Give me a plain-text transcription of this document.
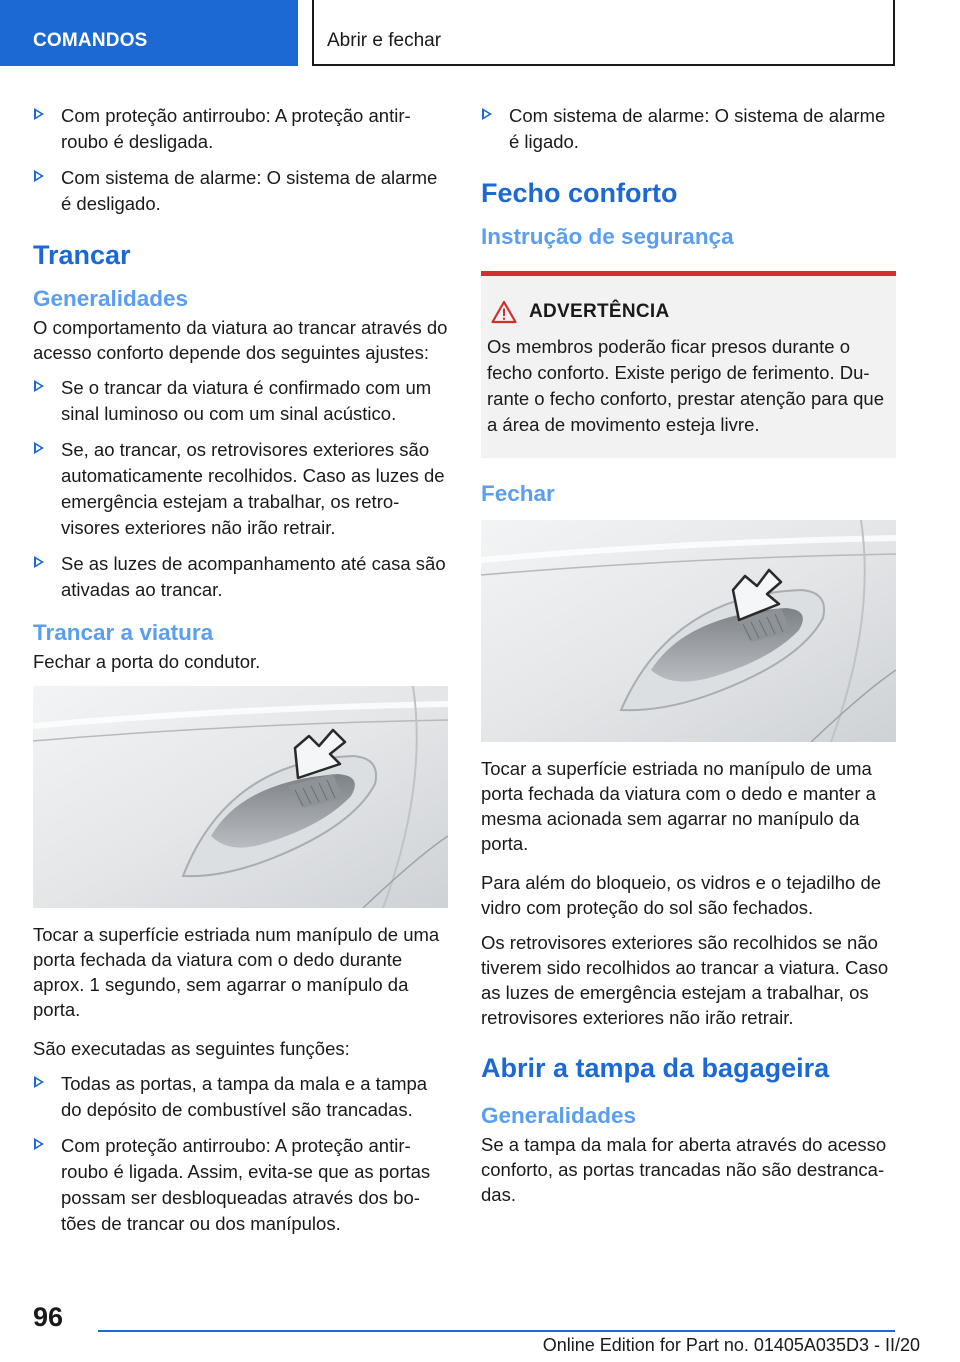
COMANDOS	Abrir e fechar
Com proteção antirroubo: A proteção antirroubo é desligada.
Com sistema de alarme: O sistema de alarme é desligado.
Trancar
Generalidades

O comportamento da viatura ao trancar através do acesso conforto depende dos seguintes ajustes:

Se o trancar da viatura é confirmado com um sinal luminoso ou com um sinal acústico.
Se, ao trancar, os retrovisores exteriores são automaticamente recolhidos. Caso as luzes de emergência estejam a trabalhar, os retrovisores exteriores não irão retrair.
Se as luzes de acompanhamento até casa são ativadas ao trancar.
Trancar a viatura

Fechar a porta do condutor.

Tocar a superfície estriada num manípulo de uma porta fechada da viatura com o dedo durante aprox. 1 segundo, sem agarrar o manípulo da porta.

São executadas as seguintes funções:

Todas as portas, a tampa da mala e a tampa do depósito de combustível são trancadas.
Com proteção antirroubo: A proteção antirroubo é ligada. Assim, evita-se que as portas possam ser desbloqueadas através dos botões de trancar ou dos manípulos.
Com sistema de alarme: O sistema de alarme é ligado.
Fecho conforto
Instrução de segurança
ADVERTÊNCIA

Os membros poderão ficar presos durante o fecho conforto. Existe perigo de ferimento. Durante o fecho conforto, prestar atenção para que a área de movimento esteja livre.

Fechar

Tocar a superfície estriada no manípulo de uma porta fechada da viatura com o dedo e manter a mesma acionada sem agarrar no manípulo da porta.

Para além do bloqueio, os vidros e o tejadilho de vidro com proteção do sol são fechados.

Os retrovisores exteriores são recolhidos se não tiverem sido recolhidos ao trancar a viatura. Caso as luzes de emergência estejam a trabalhar, os retrovisores exteriores não irão retrair.

Abrir a tampa da bagageira
Generalidades

Se a tampa da mala for aberta através do acesso conforto, as portas trancadas não são destrancadas.

96
Online Edition for Part no. 01405A035D3 - II/20
